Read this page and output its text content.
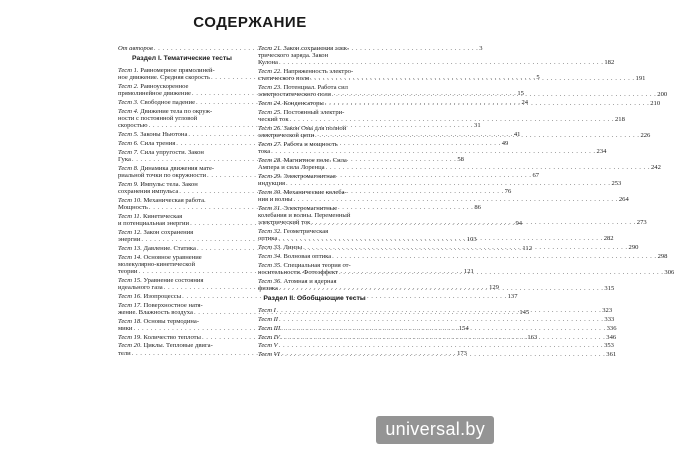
СОДЕРЖАНИЕ
От авторов . . .	3
Раздел I. Тематические тесты
Тест 1. Равномерное прямолиней-
ное движение. Средняя скорость . . .	5
Тест 2. Равноускоренное
прямолинейное движение . . .	15
Тест 3. Свободное падение . . .	24
Тест 4. Движение тела по окруж-
ности с постоянной угловой
скоростью . . .	31
Тест 5. Законы Ньютона . . .	41
Тест 6. Сила трения . . .	49
Тест 7. Сила упругости. Закон
Гука . . .	58
Тест 8. Динамика движения мате-
риальной точки по окружности . . .	67
Тест 9. Импульс тела. Закон
сохранения импульса . . .	76
Тест 10. Механическая работа.
Мощность . . .	86
Тест 11. Кинетическая
и потенциальная энергии . . .	94
Тест 12. Закон сохранения
энергии . . .	103
Тест 13. Давление. Статика . . .	112
Тест 14. Основное уравнение
молекулярно-кинетической
теории . . .	121
Тест 15. Уравнение состояния
идеального газа . . .	129
Тест 16. Изопроцессы . . .	137
Тест 17. Поверхностное натя-
жение. Влажность воздуха . . .	145
Тест 18. Основы термодина-
мики . . .	154
Тест 19. Количество теплоты . . .	163
Тест 20. Циклы. Тепловые двига-
тели . . .	173
Тест 21. Закон сохранения элек-
трического заряда. Закон
Кулона . . .	182
Тест 22. Напряженность электро-
статического поля . . .	191
Тест 23. Потенциал. Работа сил
электростатического поля . . .	200
Тест 24. Конденсаторы . . .	210
Тест 25. Постоянный электри-
ческий ток . . .	218
Тест 26. Закон Ома для полной
электрической цепи . . .	226
Тест 27. Работа и мощность
тока . . .	234
Тест 28. Магнитное поле. Сила
Ампера и сила Лоренца . . .	242
Тест 29. Электромагнитная
индукция . . .	253
Тест 30. Механические колеба-
ния и волны . . .	264
Тест 31. Электромагнитные
колебания и волны. Переменный
электрический ток . . .	273
Тест 32. Геометрическая
оптика . . .	282
Тест 33. Линзы . . .	290
Тест 34. Волновая оптика . . .	298
Тест 35. Специальная теория от-
носительности. Фотоэффект . . .	306
Тест 36. Атомная и ядерная
физика . . .	315
Раздел II. Обобщающие тесты
Тест I . . .	323
Тест II . . .	333
Тест III . . .	336
Тест IV . . .	346
Тест V . . .	353
Тест VI . . .	361
universal.by
